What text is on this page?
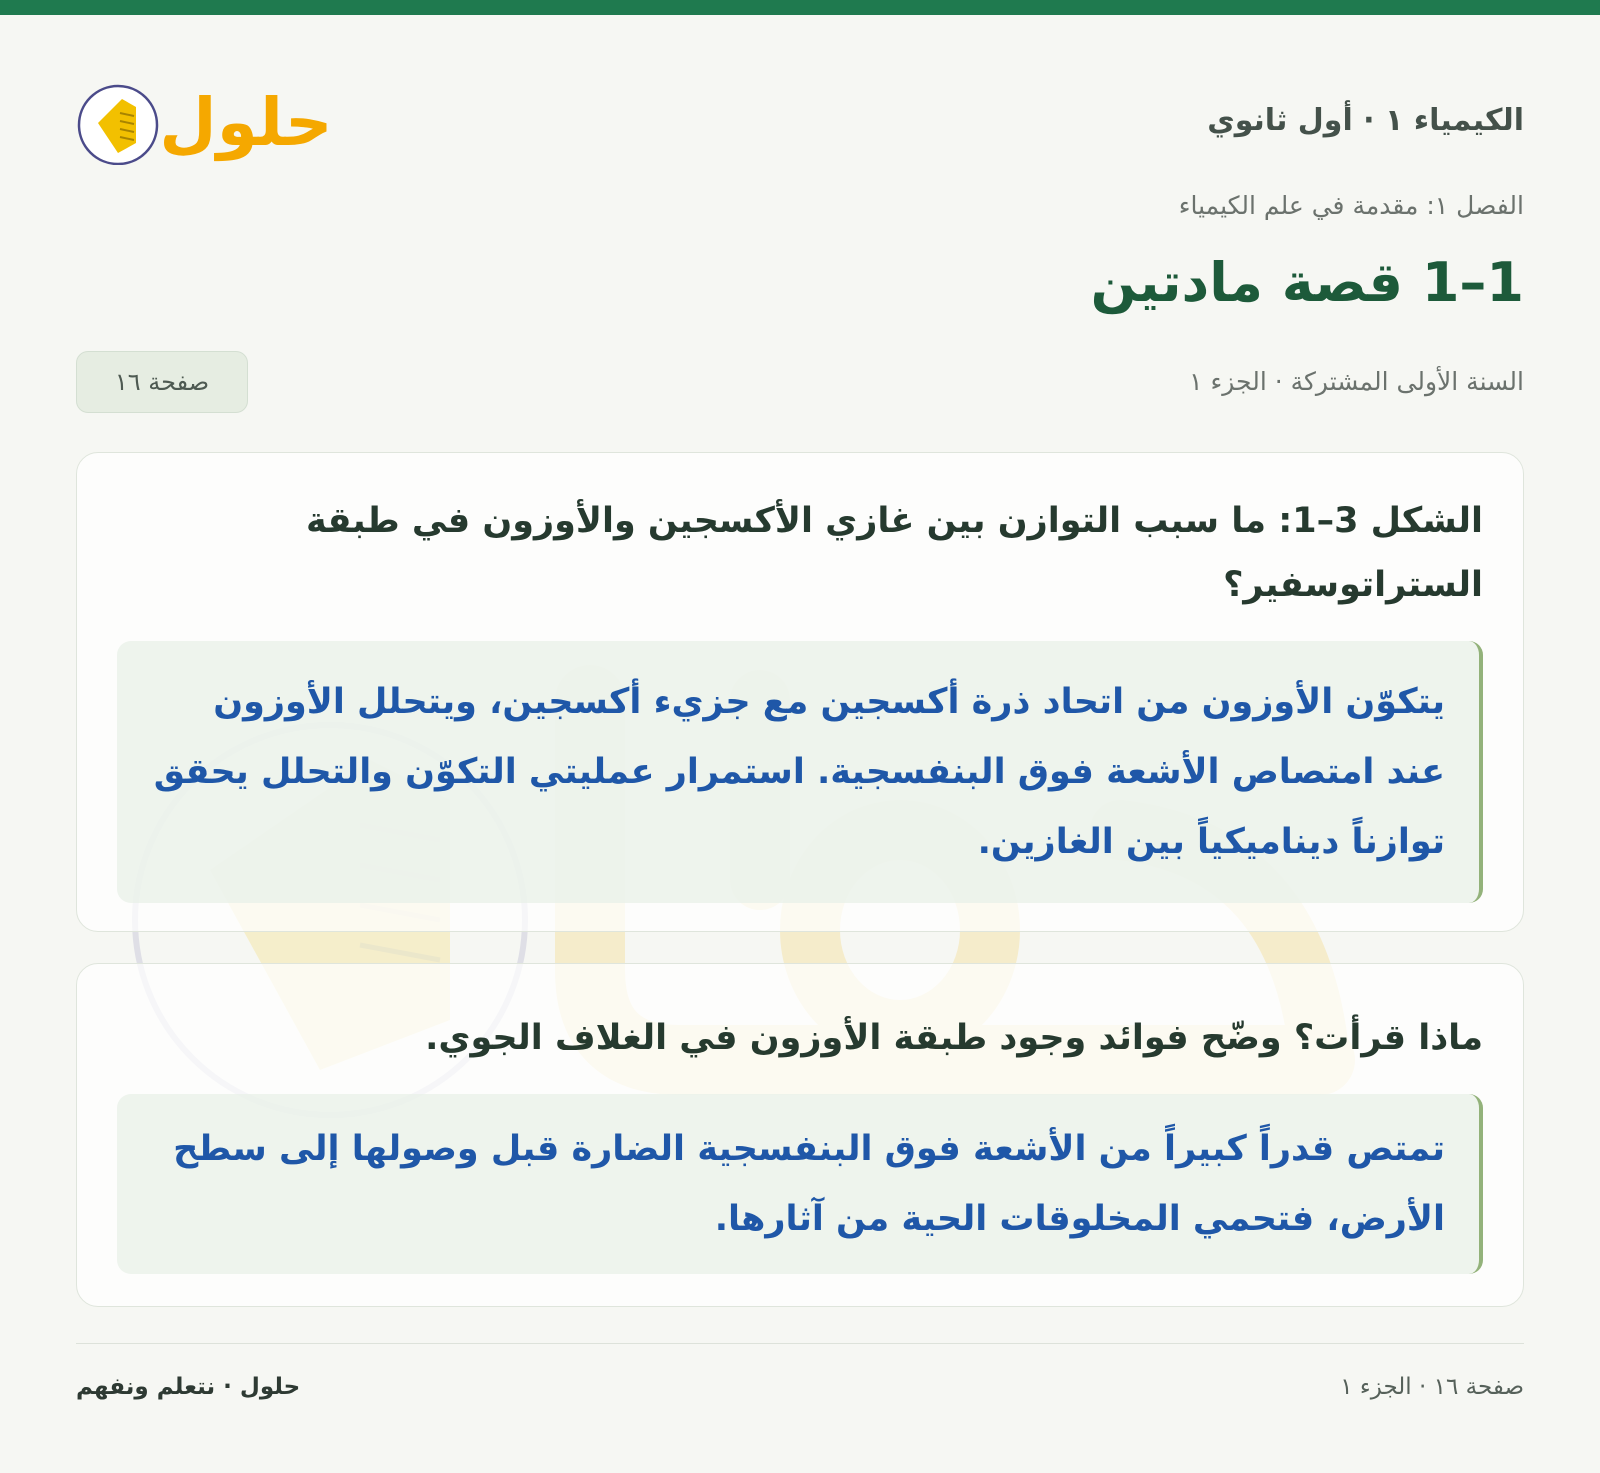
الكيمياء ١ · أول ثانوي
حلول
الفصل ١: مقدمة في علم الكيمياء
1–1 قصة مادتين
السنة الأولى المشتركة · الجزء ١
صفحة ١٦

الشكل 3–1: ما سبب التوازن بين غازي الأكسجين والأوزون في طبقة الستراتوسفير؟

يتكوّن الأوزون من اتحاد ذرة أكسجين مع جزيء أكسجين، ويتحلل الأوزون عند امتصاص الأشعة فوق البنفسجية. استمرار عمليتي التكوّن والتحلل يحقق توازناً ديناميكياً بين الغازين.

ماذا قرأت؟ وضّح فوائد وجود طبقة الأوزون في الغلاف الجوي.

تمتص قدراً كبيراً من الأشعة فوق البنفسجية الضارة قبل وصولها إلى سطح الأرض، فتحمي المخلوقات الحية من آثارها.
صفحة ١٦ · الجزء ١
حلول · نتعلم ونفهم
